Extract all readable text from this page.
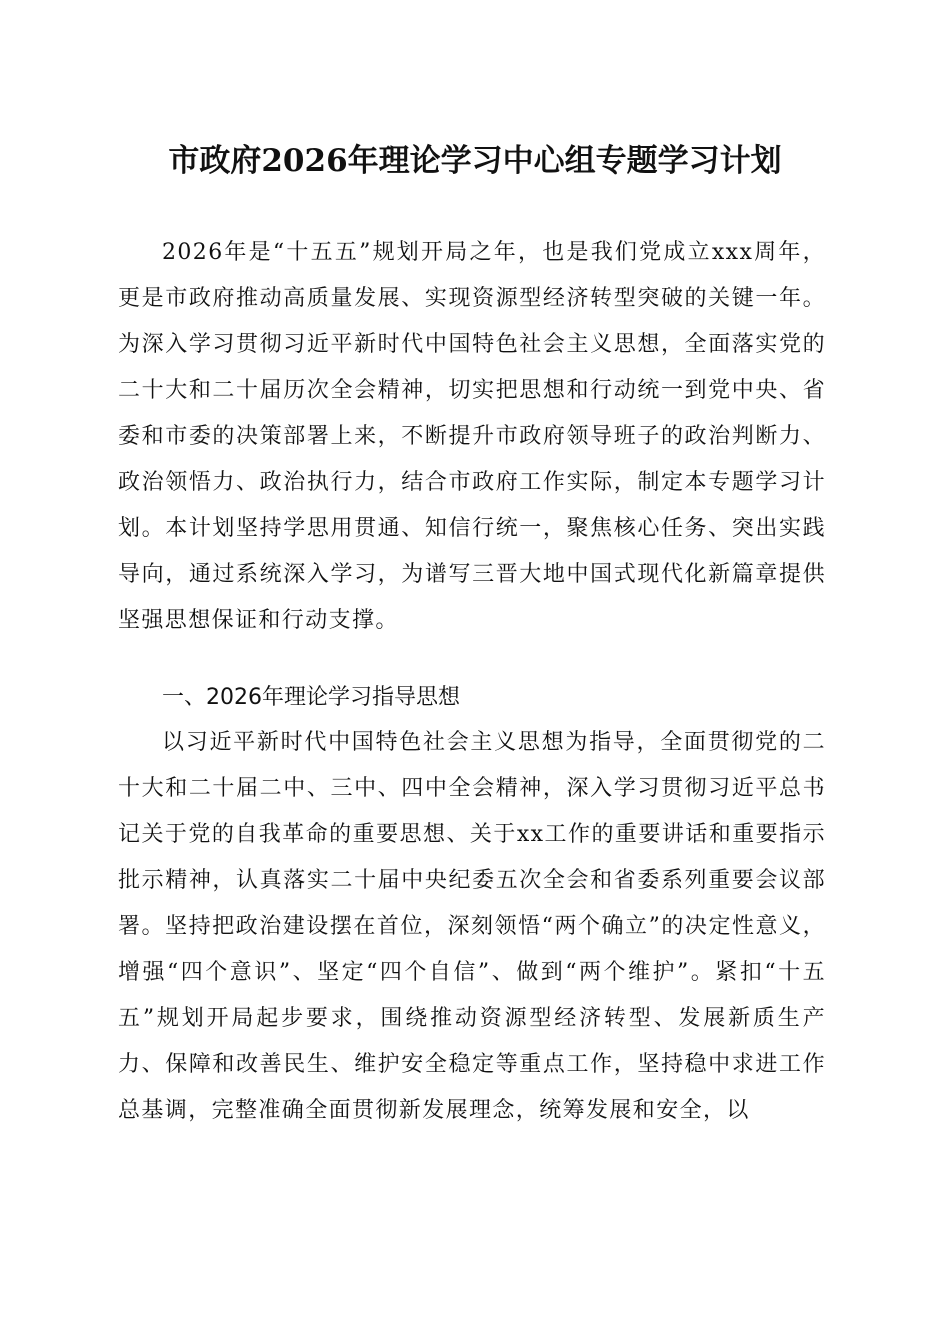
市政府2026年理论学习中心组专题学习计划

2026年是“十五五”规划开局之年，也是我们党成立xxx周年，更是市政府推动高质量发展、实现资源型经济转型突破的关键一年。为深入学习贯彻习近平新时代中国特色社会主义思想，全面落实党的二十大和二十届历次全会精神，切实把思想和行动统一到党中央、省委和市委的决策部署上来，不断提升市政府领导班子的政治判断力、政治领悟力、政治执行力，结合市政府工作实际，制定本专题学习计划。本计划坚持学思用贯通、知信行统一，聚焦核心任务、突出实践导向，通过系统深入学习，为谱写三晋大地中国式现代化新篇章提供坚强思想保证和行动支撑。

一、2026年理论学习指导思想

以习近平新时代中国特色社会主义思想为指导，全面贯彻党的二十大和二十届二中、三中、四中全会精神，深入学习贯彻习近平总书记关于党的自我革命的重要思想、关于xx工作的重要讲话和重要指示批示精神，认真落实二十届中央纪委五次全会和省委系列重要会议部署。坚持把政治建设摆在首位，深刻领悟“两个确立”的决定性意义，增强“四个意识”、坚定“四个自信”、做到“两个维护”。紧扣“十五五”规划开局起步要求，围绕推动资源型经济转型、发展新质生产力、保障和改善民生、维护安全稳定等重点工作，坚持稳中求进工作总基调，完整准确全面贯彻新发展理念，统筹发展和安全，以
